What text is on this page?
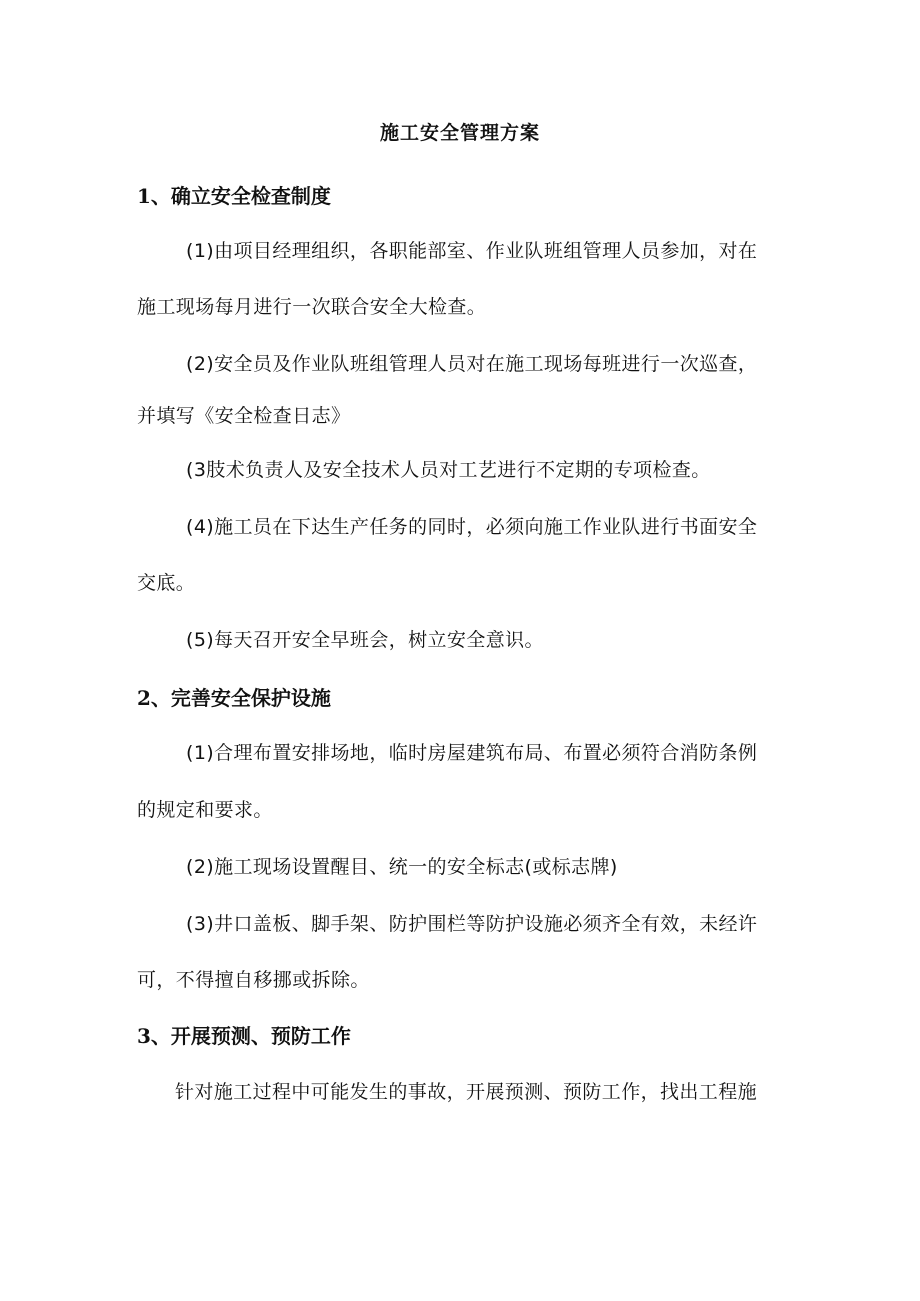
施工安全管理方案
1、确立安全检查制度
(1)由项目经理组织，各职能部室、作业队班组管理人员参加，对在
施工现场每月进行一次联合安全大检查。
(2)安全员及作业队班组管理人员对在施工现场每班进行一次巡查，
并填写《安全检查日志》
(3肢术负责人及安全技术人员对工艺进行不定期的专项检查。
(4)施工员在下达生产任务的同时，必须向施工作业队进行书面安全
交底。
(5)每天召开安全早班会，树立安全意识。
2、完善安全保护设施
(1)合理布置安排场地，临时房屋建筑布局、布置必须符合消防条例
的规定和要求。
(2)施工现场设置醒目、统一的安全标志(或标志牌)
(3)井口盖板、脚手架、防护围栏等防护设施必须齐全有效，未经许
可，不得擅自移挪或拆除。
3、开展预测、预防工作
针对施工过程中可能发生的事故，开展预测、预防工作，找出工程施
